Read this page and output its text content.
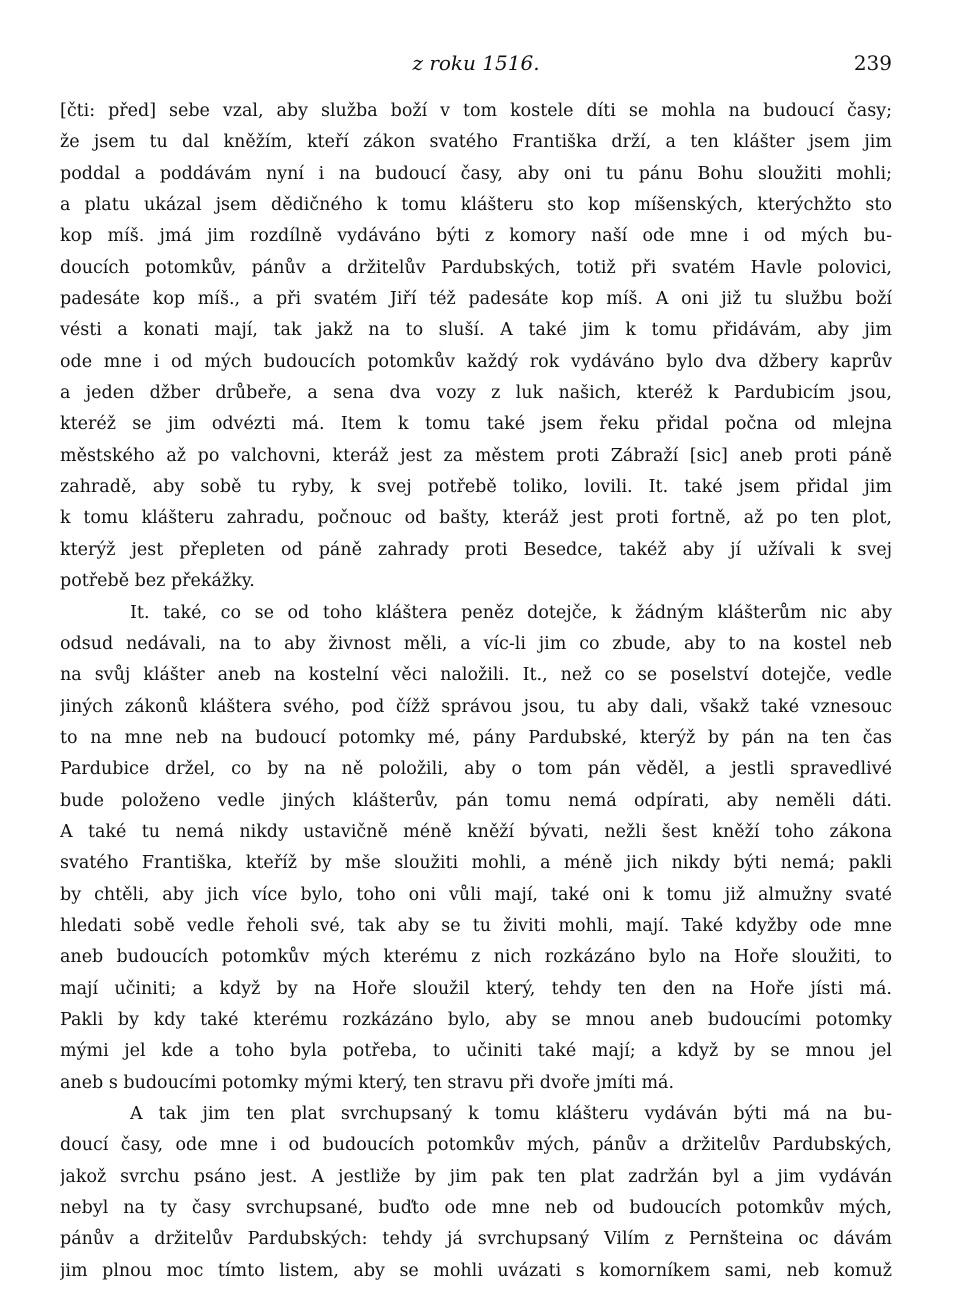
z roku 1516.	239
[čti: před] sebe vzal, aby služba boží v tom kostele díti se mohla na budoucí časy;
že jsem tu dal kněžím, kteří zákon svatého Františka drží, a ten klášter jsem jim
poddal a poddávám nyní i na budoucí časy, aby oni tu pánu Bohu sloužiti mohli;
a platu ukázal jsem dědičného k tomu klášteru sto kop míšenských, kterýchžto sto
kop míš. jmá jim rozdílně vydáváno býti z komory naší ode mne i od mých bu-
doucích potomkův, pánův a držitelův Pardubských, totiž při svatém Havle polovici,
padesáte kop míš., a při svatém Jiří též padesáte kop míš. A oni již tu službu boží
vésti a konati mají, tak jakž na to sluší. A také jim k tomu přidávám, aby jim
ode mne i od mých budoucích potomkův každý rok vydáváno bylo dva džbery kaprův
a jeden džber drůbeře, a sena dva vozy z luk našich, kteréž k Pardubicím jsou,
kteréž se jim odvézti má. Item k tomu také jsem řeku přidal počna od mlejna
městského až po valchovni, kteráž jest za městem proti Zábraží [sic] aneb proti páně
zahradě, aby sobě tu ryby, k svej potřebě toliko, lovili. It. také jsem přidal jim
k tomu klášteru zahradu, počnouc od bašty, kteráž jest proti fortně, až po ten plot,
kterýž jest přepleten od páně zahrady proti Besedce, takéž aby jí užívali k svej
potřebě bez překážky.
It. také, co se od toho kláštera peněz dotejče, k žádným klášterům nic aby
odsud nedávali, na to aby živnost měli, a víc-li jim co zbude, aby to na kostel neb
na svůj klášter aneb na kostelní věci naložili. It., než co se poselství dotejče, vedle
jiných zákonů kláštera svého, pod čížž správou jsou, tu aby dali, všakž také vznesouc
to na mne neb na budoucí potomky mé, pány Pardubské, kterýž by pán na ten čas
Pardubice držel, co by na ně položili, aby o tom pán věděl, a jestli spravedlivé
bude položeno vedle jiných klášterův, pán tomu nemá odpírati, aby neměli dáti.
A také tu nemá nikdy ustavičně méně kněží bývati, nežli šest kněží toho zákona
svatého Františka, kteříž by mše sloužiti mohli, a méně jich nikdy býti nemá; pakli
by chtěli, aby jich více bylo, toho oni vůli mají, také oni k tomu již almužny svaté
hledati sobě vedle řeholi své, tak aby se tu živiti mohli, mají. Také kdyžby ode mne
aneb budoucích potomkův mých kterému z nich rozkázáno bylo na Hoře sloužiti, to
mají učiniti; a když by na Hoře sloužil který, tehdy ten den na Hoře jísti má.
Pakli by kdy také kterému rozkázáno bylo, aby se mnou aneb budoucími potomky
mými jel kde a toho byla potřeba, to učiniti také mají; a když by se mnou jel
aneb s budoucími potomky mými který, ten stravu při dvoře jmíti má.
A tak jim ten plat svrchupsaný k tomu klášteru vydáván býti má na bu-
doucí časy, ode mne i od budoucích potomkův mých, pánův a držitelův Pardubských,
jakož svrchu psáno jest. A jestliže by jim pak ten plat zadržán byl a jim vydáván
nebyl na ty časy svrchupsané, buďto ode mne neb od budoucích potomkův mých,
pánův a držitelův Pardubských: tehdy já svrchupsaný Vilím z Pernšteina oc dávám
jim plnou moc tímto listem, aby se mohli uvázati s komorníkem sami, neb komuž
